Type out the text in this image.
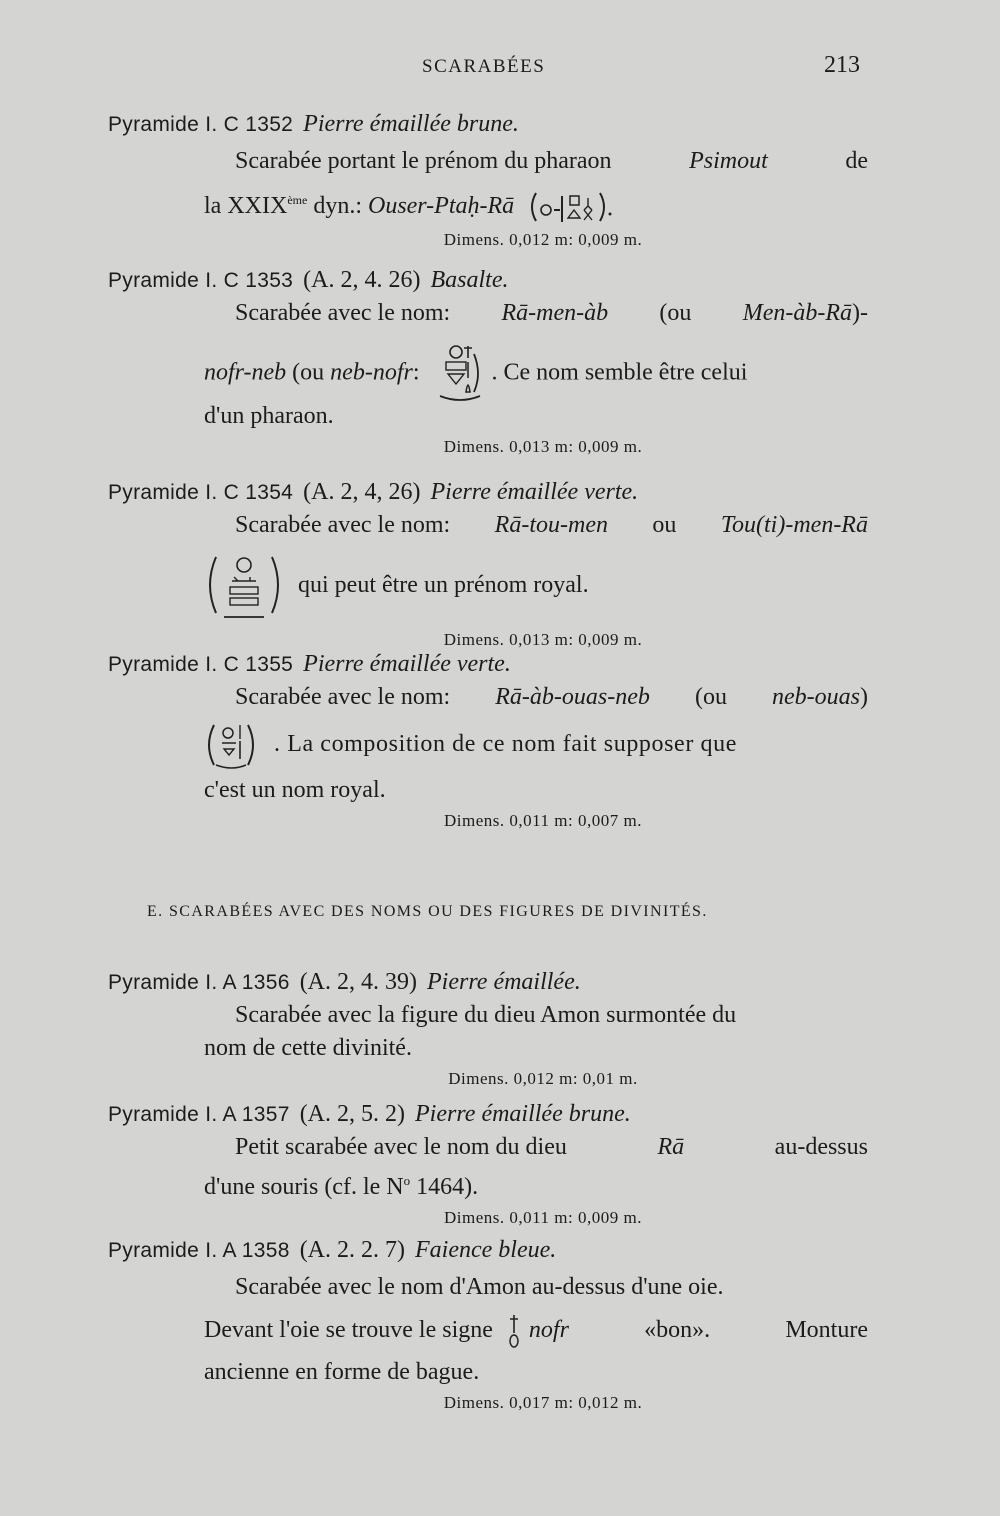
SCARABÉES	213
Pyramide I. C 1352 Pierre émaillée brune.
Scarabée portant le prénom du pharaon	Psimout	de
la XXIXème dyn.: Ouser-Ptaḥ-Rā
Dimens. 0,012 m: 0,009 m.
Pyramide I. C 1353 (A. 2, 4. 26) Basalte.
Scarabée avec le nom: Rā-men-àb (ou Men-àb-Rā)-
nofr-neb (ou neb-nofr:	. Ce nom semble être celui
d'un pharaon.
Dimens. 0,013 m: 0,009 m.
Pyramide I. C 1354 (A. 2, 4, 26) Pierre émaillée verte.
Scarabée avec le nom: Rā-tou-men ou Tou(ti)-men-Rā
qui peut être un prénom royal.
Dimens. 0,013 m: 0,009 m.
Pyramide I. C 1355 Pierre émaillée verte.
Scarabée avec le nom: Rā-àb-ouas-neb (ou neb-ouas)
. La composition de ce nom fait supposer que
c'est un nom royal.
Dimens. 0,011 m: 0,007 m.
E. SCARABÉES AVEC DES NOMS OU DES FIGURES DE DIVINITÉS.
Pyramide I. A 1356 (A. 2, 4. 39) Pierre émaillée.
Scarabée avec la figure du dieu Amon surmontée du
nom de cette divinité.
Dimens. 0,012 m: 0,01 m.
Pyramide I. A 1357 (A. 2, 5. 2) Pierre émaillée brune.
Petit scarabée avec le nom du dieu	Rā	au-dessus
d'une souris (cf. le $N^o$ 1464).
Dimens. 0,011 m: 0,009 m.
Pyramide I. A 1358 (A. 2. 2. 7) Faience bleue.
Scarabée avec le nom d'Amon au-dessus d'une oie.
Devant l'oie se trouve le signe nofr	«bon».	Monture
ancienne en forme de bague.
Dimens. 0,017 m: 0,012 m.
